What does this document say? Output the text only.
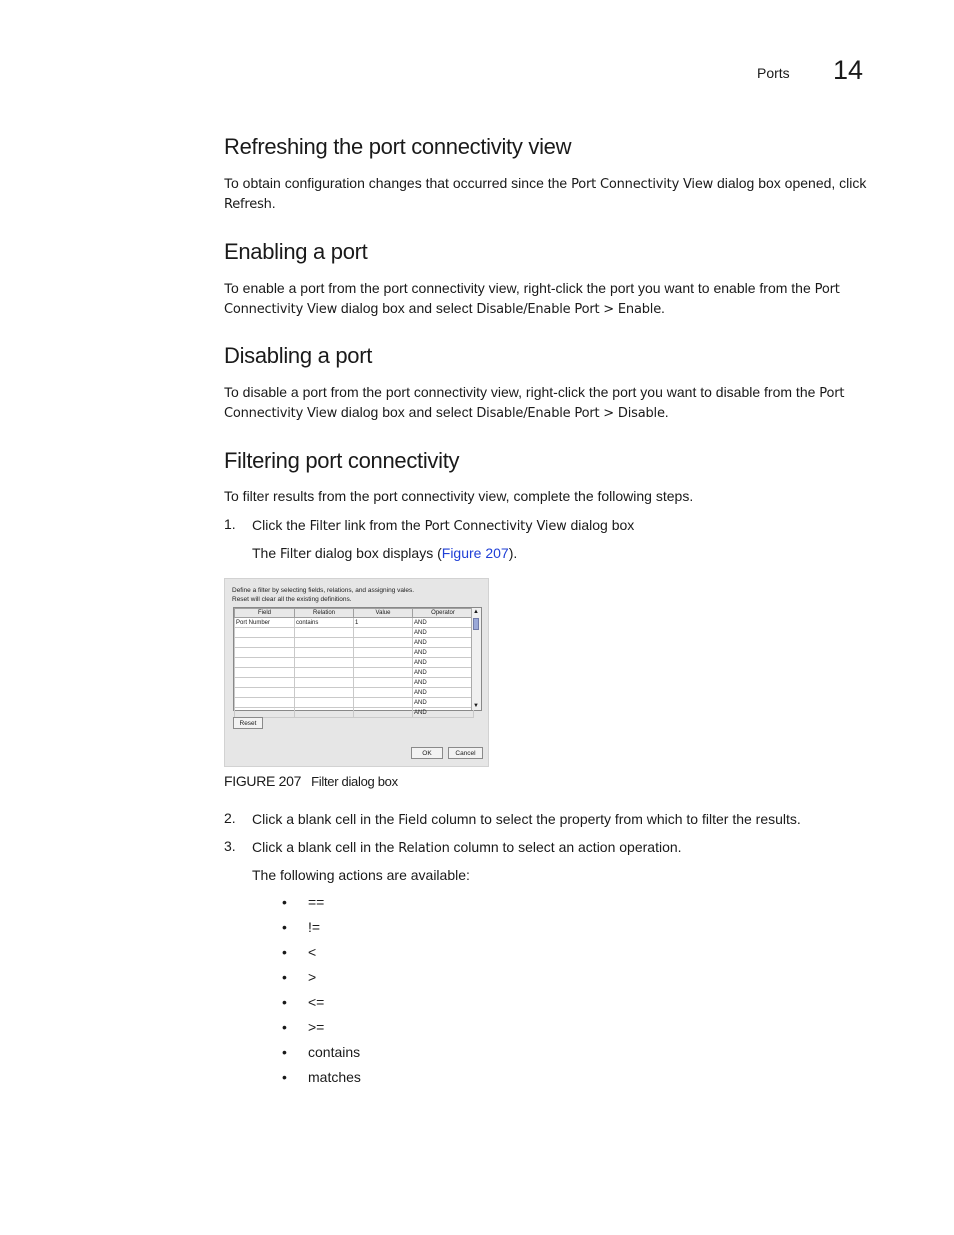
Ports 14
Refreshing the port connectivity view

To obtain configuration changes that occurred since the Port Connectivity View dialog box opened, click Refresh.

Enabling a port

To enable a port from the port connectivity view, right-click the port you want to enable from the Port Connectivity View dialog box and select Disable/Enable Port > Enable.

Disabling a port

To disable a port from the port connectivity view, right-click the port you want to disable from the Port Connectivity View dialog box and select Disable/Enable Port > Disable.

Filtering port connectivity

To filter results from the port connectivity view, complete the following steps.

1. Click the Filter link from the Port Connectivity View dialog box

The Filter dialog box displays (Figure 207).

Define a filter by selecting fields, relations, and assigning vales.
Reset will clear all the existing definitions.
Field	Relation	Value	Operator
Port Number	contains	1	AND
			AND
			AND
			AND
			AND
			AND
			AND
			AND
			AND
			AND
▲
▼
Reset
OK	Cancel
FIGURE 207 Filter dialog box
2. Click a blank cell in the Field column to select the property from which to filter the results.

3. Click a blank cell in the Relation column to select an action operation.

The following actions are available:

• ==
• !=
• <
• >
• <=
• >=
• contains
• matches
